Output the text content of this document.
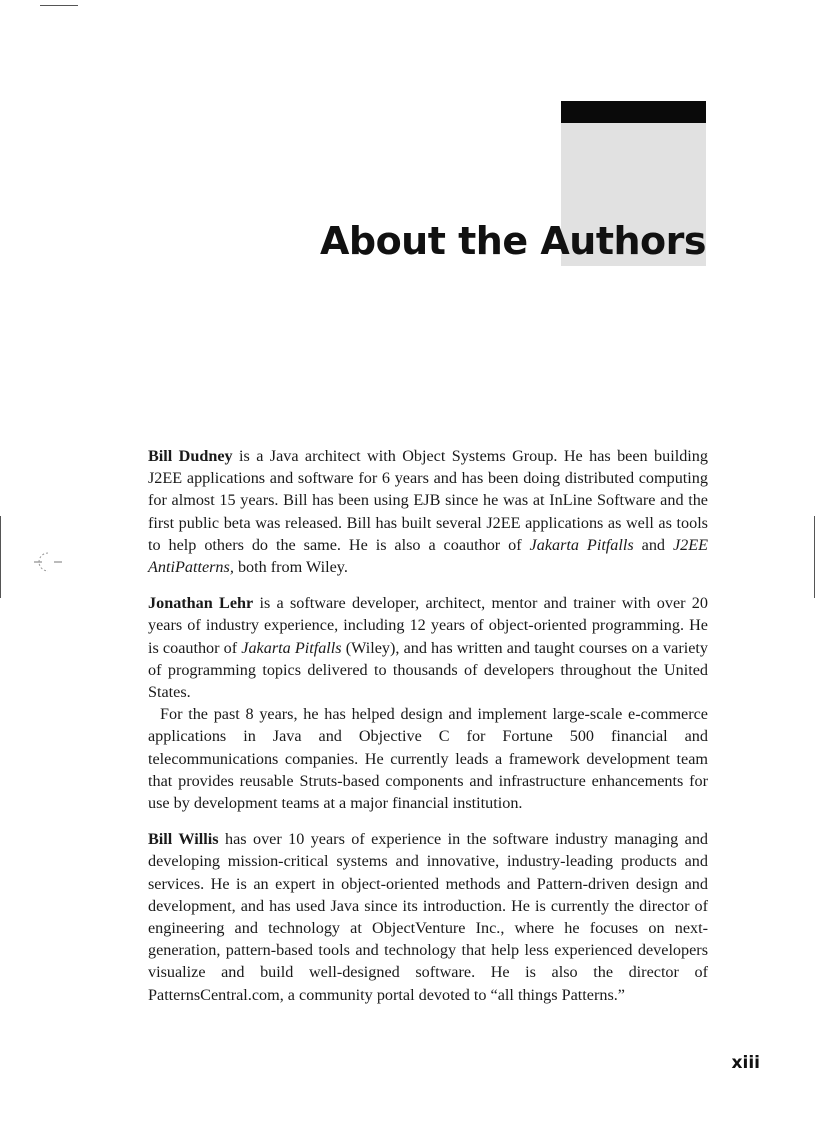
About the Authors

Bill Dudney is a Java architect with Object Systems Group. He has been building J2EE applications and software for 6 years and has been doing distributed computing for almost 15 years. Bill has been using EJB since he was at InLine Software and the first public beta was released. Bill has built several J2EE applications as well as tools to help others do the same. He is also a coauthor of Jakarta Pitfalls and J2EE AntiPatterns, both from Wiley.

Jonathan Lehr is a software developer, architect, mentor and trainer with over 20 years of industry experience, including 12 years of object-oriented programming. He is coauthor of Jakarta Pitfalls (Wiley), and has written and taught courses on a variety of programming topics delivered to thousands of developers throughout the United States.

For the past 8 years, he has helped design and implement large-scale e-commerce applications in Java and Objective C for Fortune 500 financial and telecommunications companies. He currently leads a framework development team that provides reusable Struts-based components and infrastructure enhancements for use by development teams at a major financial institution.

Bill Willis has over 10 years of experience in the software industry managing and developing mission-critical systems and innovative, industry-leading products and services. He is an expert in object-oriented methods and Pattern-driven design and development, and has used Java since its introduction. He is currently the director of engineering and technology at ObjectVenture Inc., where he focuses on next-generation, pattern-based tools and technology that help less experienced developers visualize and build well-designed software. He is also the director of PatternsCentral.com, a community portal devoted to “all things Patterns.”

xiii
